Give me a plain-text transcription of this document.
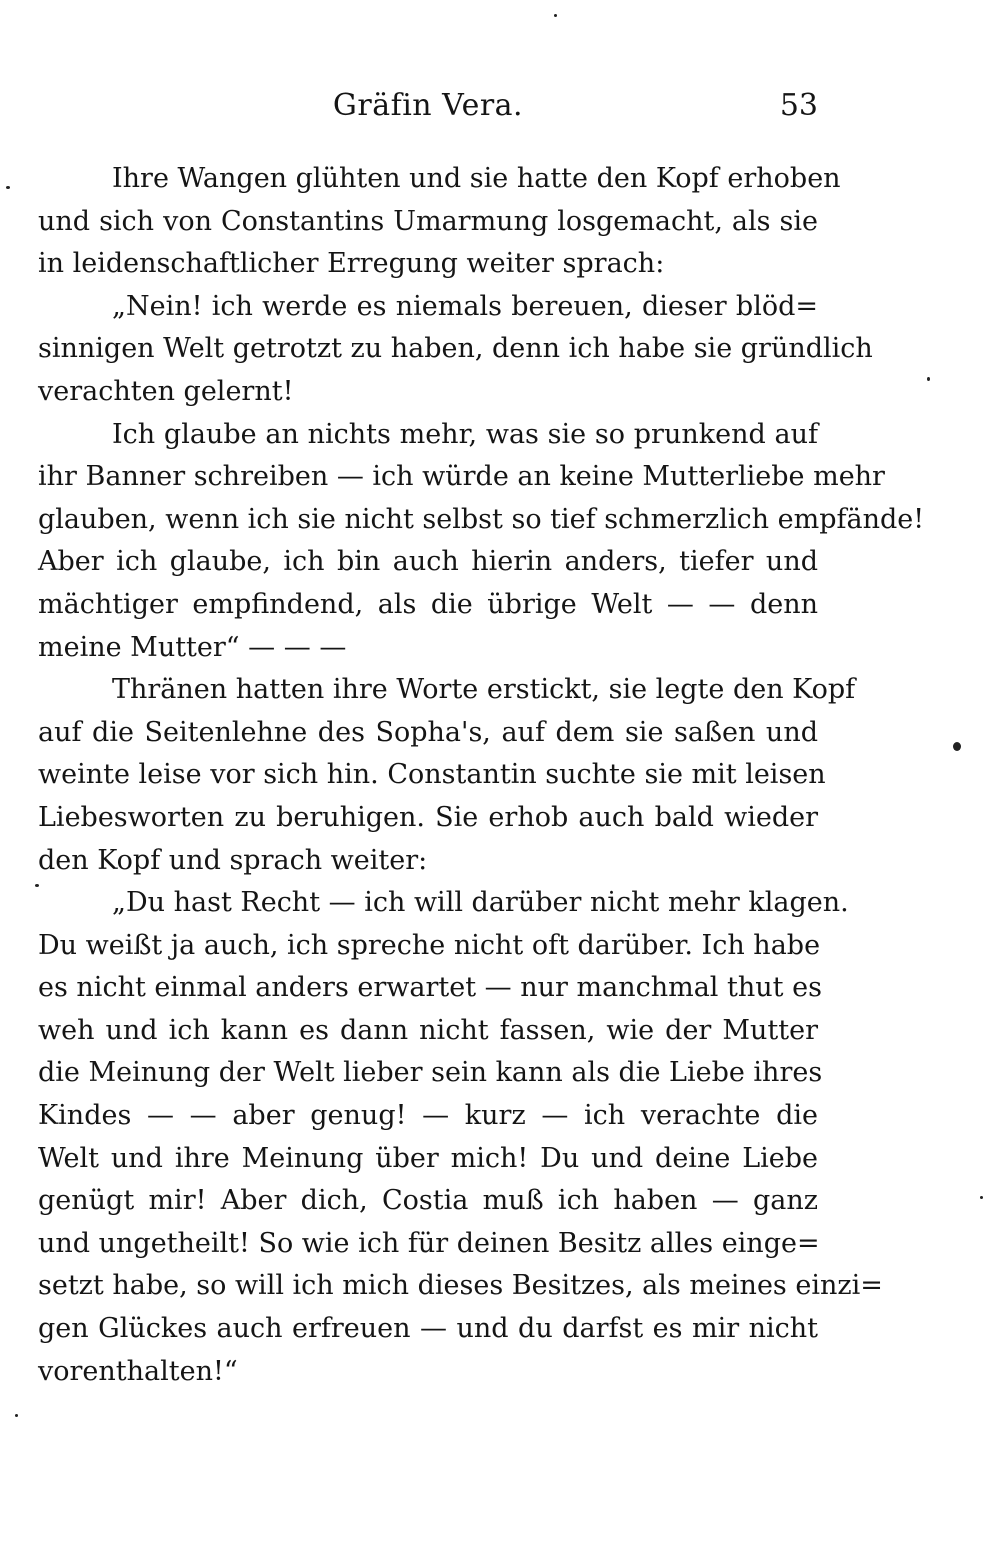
Gräfin Vera.	53
Ihre Wangen glühten und sie hatte den Kopf erhoben
und sich von Constantins Umarmung losgemacht, als sie
in leidenschaftlicher Erregung weiter sprach:
„Nein! ich werde es niemals bereuen, dieser blöd=
sinnigen Welt getrotzt zu haben, denn ich habe sie gründlich
verachten gelernt!
Ich glaube an nichts mehr, was sie so prunkend auf
ihr Banner schreiben — ich würde an keine Mutterliebe mehr
glauben, wenn ich sie nicht selbst so tief schmerzlich empfände!
Aber ich glaube, ich bin auch hierin anders, tiefer und
mächtiger empfindend, als die übrige Welt — — denn
meine Mutter“ — — —
Thränen hatten ihre Worte erstickt, sie legte den Kopf
auf die Seitenlehne des Sopha's, auf dem sie saßen und
weinte leise vor sich hin. Constantin suchte sie mit leisen
Liebesworten zu beruhigen. Sie erhob auch bald wieder
den Kopf und sprach weiter:
„Du hast Recht — ich will darüber nicht mehr klagen.
Du weißt ja auch, ich spreche nicht oft darüber. Ich habe
es nicht einmal anders erwartet — nur manchmal thut es
weh und ich kann es dann nicht fassen, wie der Mutter
die Meinung der Welt lieber sein kann als die Liebe ihres
Kindes — — aber genug! — kurz — ich verachte die
Welt und ihre Meinung über mich! Du und deine Liebe
genügt mir! Aber dich, Costia muß ich haben — ganz
und ungetheilt! So wie ich für deinen Besitz alles einge=
setzt habe, so will ich mich dieses Besitzes, als meines einzi=
gen Glückes auch erfreuen — und du darfst es mir nicht
vorenthalten!“
